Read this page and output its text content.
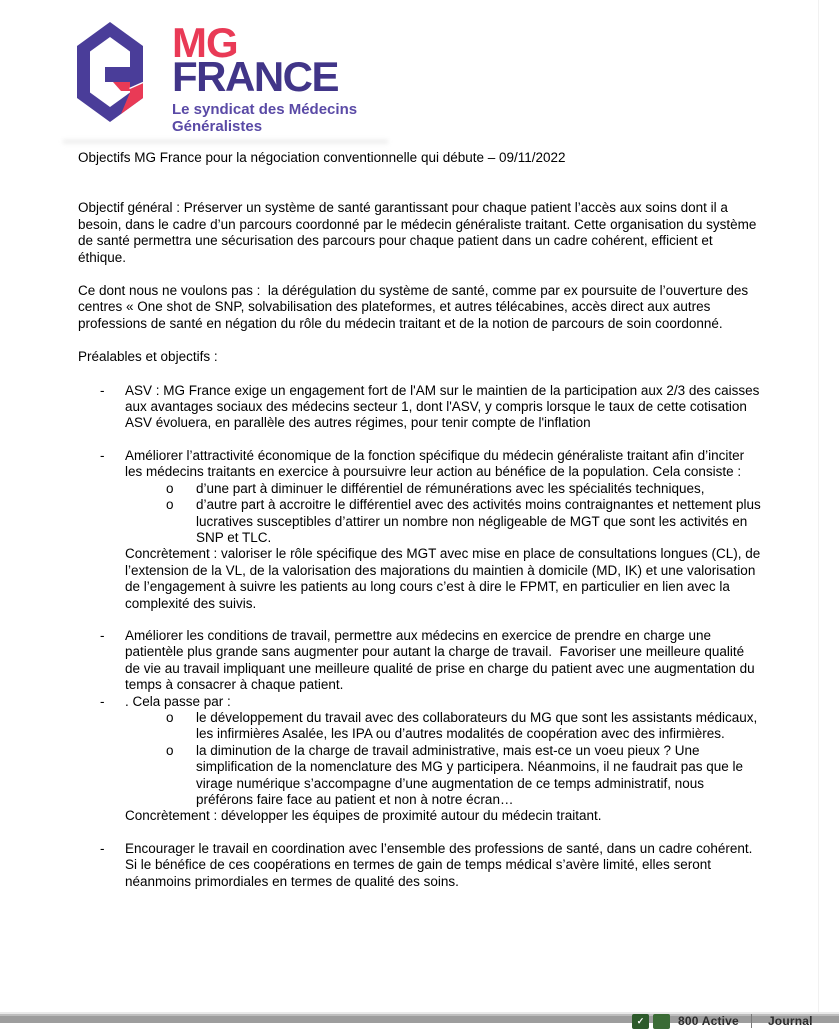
MG
FRANCE
Le syndicat des Médecins
Généralistes
Objectifs MG France pour la négociation conventionnelle qui débute – 09/11/2022
Objectif général : Préserver un système de santé garantissant pour chaque patient l’accès aux soins dont il a besoin, dans le cadre d’un parcours coordonné par le médecin généraliste traitant. Cette organisation du système de santé permettra une sécurisation des parcours pour chaque patient dans un cadre cohérent, efficient et éthique.
Ce dont nous ne voulons pas :  la dérégulation du système de santé, comme par ex poursuite de l’ouverture des centres « One shot de SNP, solvabilisation des plateformes, et autres télécabines, accès direct aux autres professions de santé en négation du rôle du médecin traitant et de la notion de parcours de soin coordonné.
Préalables et objectifs :
-	ASV : MG France exige un engagement fort de l'AM sur le maintien de la participation aux 2/3 des caisses aux avantages sociaux des médecins secteur 1, dont l'ASV, y compris lorsque le taux de cette cotisation ASV évoluera, en parallèle des autres régimes, pour tenir compte de l'inflation
-	Améliorer l’attractivité économique de la fonction spécifique du médecin généraliste traitant afin d’inciter les médecins traitants en exercice à poursuivre leur action au bénéfice de la population. Cela consiste :
o	d’une part à diminuer le différentiel de rémunérations avec les spécialités techniques,
o	d’autre part à accroitre le différentiel avec des activités moins contraignantes et nettement plus lucratives susceptibles d’attirer un nombre non négligeable de MGT que sont les activités en SNP et TLC.
Concrètement : valoriser le rôle spécifique des MGT avec mise en place de consultations longues (CL), de l’extension de la VL, de la valorisation des majorations du maintien à domicile (MD, IK) et une valorisation de l’engagement à suivre les patients au long cours c’est à dire le FPMT, en particulier en lien avec la complexité des suivis.
-	Améliorer les conditions de travail, permettre aux médecins en exercice de prendre en charge une patientèle plus grande sans augmenter pour autant la charge de travail.  Favoriser une meilleure qualité de vie au travail impliquant une meilleure qualité de prise en charge du patient avec une augmentation du temps à consacrer à chaque patient.
-	. Cela passe par :
o	le développement du travail avec des collaborateurs du MG que sont les assistants médicaux, les infirmières Asalée, les IPA ou d’autres modalités de coopération avec des infirmières.
o	la diminution de la charge de travail administrative, mais est-ce un voeu pieux ? Une simplification de la nomenclature des MG y participera. Néanmoins, il ne faudrait pas que le virage numérique s’accompagne d’une augmentation de ce temps administratif, nous préférons faire face au patient et non à notre écran…
Concrètement : développer les équipes de proximité autour du médecin traitant.
-	Encourager le travail en coordination avec l’ensemble des professions de santé, dans un cadre cohérent. Si le bénéfice de ces coopérations en termes de gain de temps médical s’avère limité, elles seront néanmoins primordiales en termes de qualité des soins.
✓	800 Active Journal
